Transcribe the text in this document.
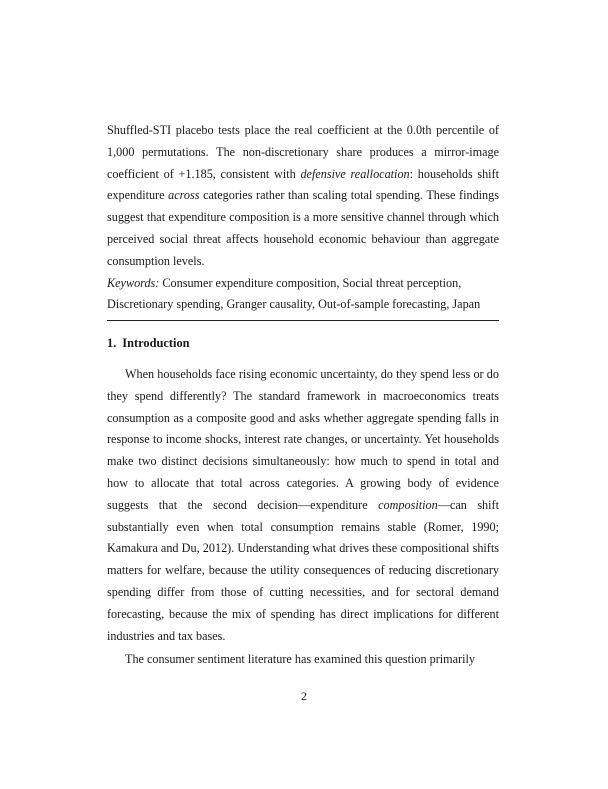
Shuffled-STI placebo tests place the real coefficient at the 0.0th percentile of 1,000 permutations. The non-discretionary share produces a mirror-image coefficient of +1.185, consistent with defensive reallocation: households shift expenditure across categories rather than scaling total spending. These findings suggest that expenditure composition is a more sensitive channel through which perceived social threat affects household economic behaviour than aggregate consumption levels.

Keywords: Consumer expenditure composition, Social threat perception, Discretionary spending, Granger causality, Out-of-sample forecasting, Japan

1. Introduction

When households face rising economic uncertainty, do they spend less or do they spend differently? The standard framework in macroeconomics treats consumption as a composite good and asks whether aggregate spending falls in response to income shocks, interest rate changes, or uncertainty. Yet households make two distinct decisions simultaneously: how much to spend in total and how to allocate that total across categories. A growing body of evidence suggests that the second decision—expenditure composition—can shift substantially even when total consumption remains stable (Romer, 1990; Kamakura and Du, 2012). Understanding what drives these compositional shifts matters for welfare, because the utility consequences of reducing discretionary spending differ from those of cutting necessities, and for sectoral demand forecasting, because the mix of spending has direct implications for different industries and tax bases.

The consumer sentiment literature has examined this question primarily

2
